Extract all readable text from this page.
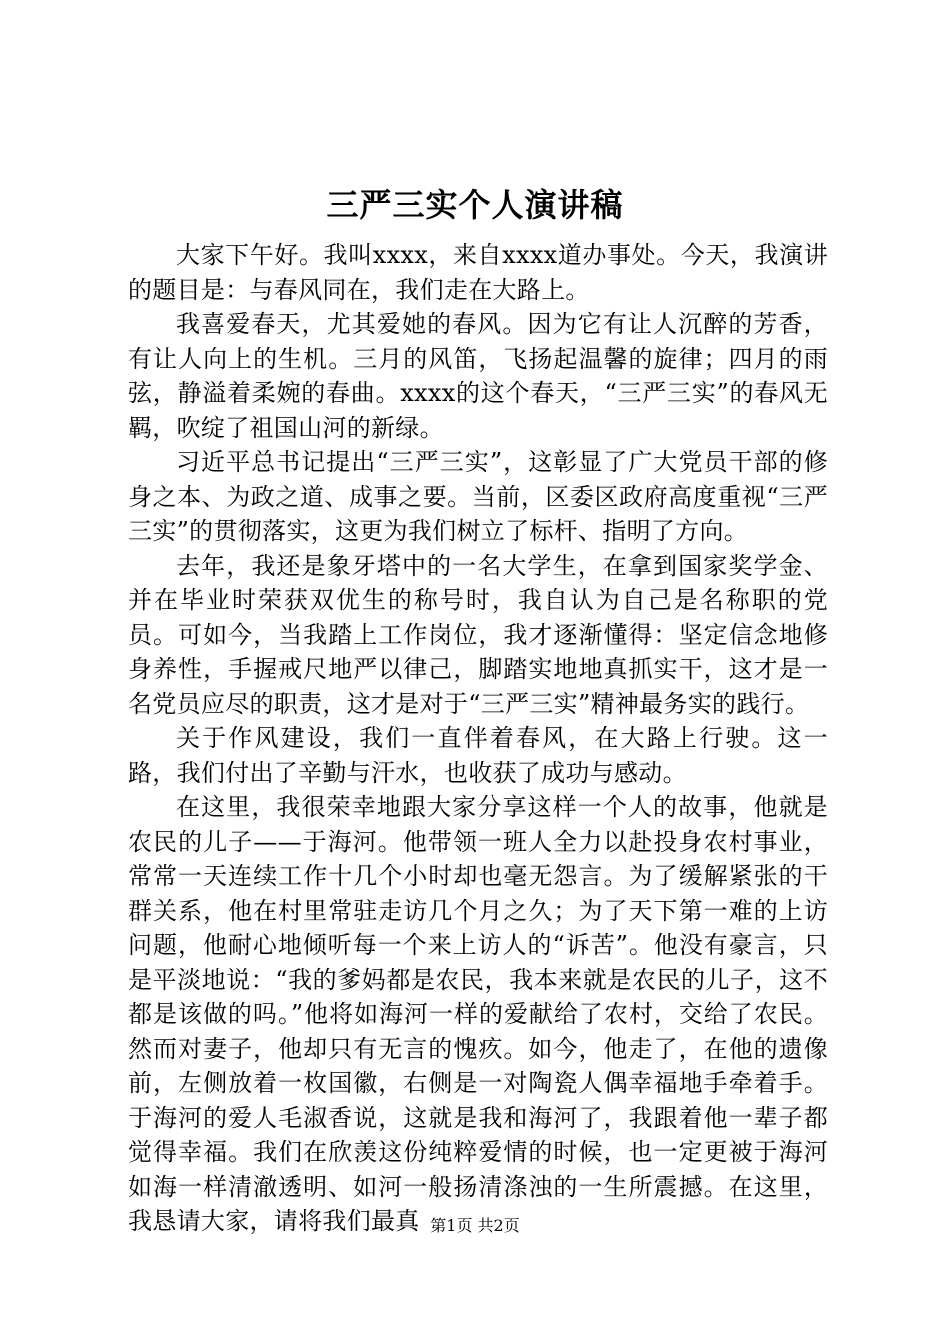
三严三实个人演讲稿

大家下午好。我叫xxxx，来自xxxx道办事处。今天，我演讲的题目是：与春风同在，我们走在大路上。

我喜爱春天，尤其爱她的春风。因为它有让人沉醉的芳香，有让人向上的生机。三月的风笛，飞扬起温馨的旋律；四月的雨弦，静溢着柔婉的春曲。xxxx的这个春天，“三严三实”的春风无羁，吹绽了祖国山河的新绿。

习近平总书记提出“三严三实”，这彰显了广大党员干部的修身之本、为政之道、成事之要。当前，区委区政府高度重视“三严三实”的贯彻落实，这更为我们树立了标杆、指明了方向。

去年，我还是象牙塔中的一名大学生，在拿到国家奖学金、并在毕业时荣获双优生的称号时，我自认为自己是名称职的党员。可如今，当我踏上工作岗位，我才逐渐懂得：坚定信念地修身养性，手握戒尺地严以律己，脚踏实地地真抓实干，这才是一名党员应尽的职责，这才是对于“三严三实”精神最务实的践行。

关于作风建设，我们一直伴着春风，在大路上行驶。这一路，我们付出了辛勤与汗水，也收获了成功与感动。

在这里，我很荣幸地跟大家分享这样一个人的故事，他就是农民的儿子——于海河。他带领一班人全力以赴投身农村事业，常常一天连续工作十几个小时却也毫无怨言。为了缓解紧张的干群关系，他在村里常驻走访几个月之久；为了天下第一难的上访问题，他耐心地倾听每一个来上访人的“诉苦”。他没有豪言，只是平淡地说：“我的爹妈都是农民，我本来就是农民的儿子，这不都是该做的吗。”他将如海河一样的爱献给了农村，交给了农民。然而对妻子，他却只有无言的愧疚。如今，他走了，在他的遗像前，左侧放着一枚国徽，右侧是一对陶瓷人偶幸福地手牵着手。于海河的爱人毛淑香说，这就是我和海河了，我跟着他一辈子都觉得幸福。我们在欣羡这份纯粹爱情的时候，也一定更被于海河如海一样清澈透明、如河一般扬清涤浊的一生所震撼。在这里，我恳请大家，请将我们最真 第1页 共2页
